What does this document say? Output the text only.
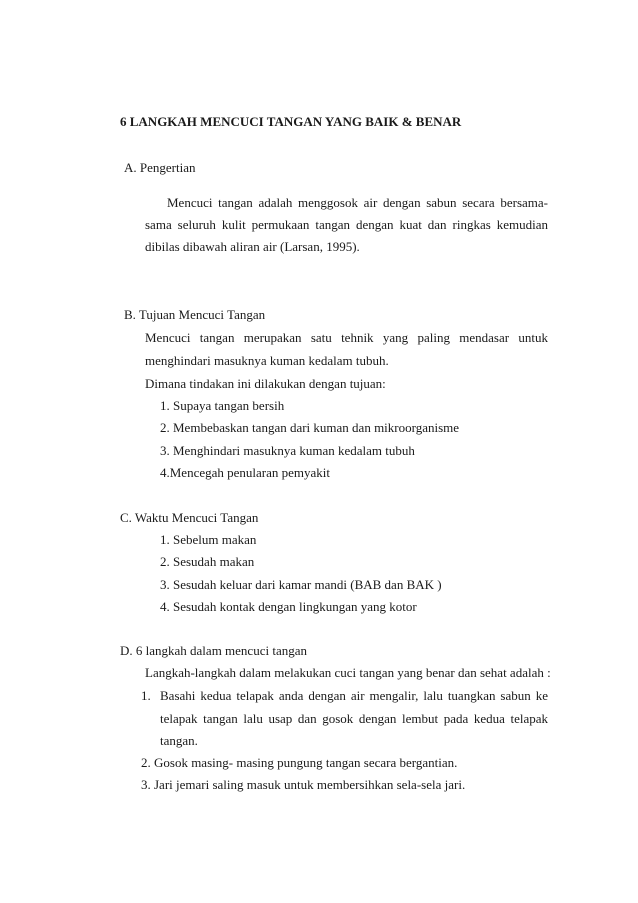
6 LANGKAH MENCUCI TANGAN YANG BAIK & BENAR
A. Pengertian
Mencuci tangan adalah menggosok air dengan sabun secara bersama-
sama seluruh kulit permukaan tangan dengan kuat dan ringkas kemudian
dibilas dibawah aliran air (Larsan, 1995).
B. Tujuan Mencuci Tangan
Mencuci tangan merupakan satu tehnik yang paling mendasar untuk
menghindari masuknya kuman kedalam tubuh.
Dimana tindakan ini dilakukan dengan tujuan:
1. Supaya tangan bersih
2. Membebaskan tangan dari kuman dan mikroorganisme
3. Menghindari masuknya kuman kedalam tubuh
4.Mencegah penularan pemyakit
C. Waktu Mencuci Tangan
1. Sebelum makan
2. Sesudah makan
3. Sesudah keluar dari kamar mandi (BAB dan BAK )
4. Sesudah kontak dengan lingkungan yang kotor
D. 6 langkah dalam mencuci tangan
Langkah-langkah dalam melakukan cuci tangan yang benar dan sehat adalah :
1. Basahi kedua telapak anda dengan air mengalir, lalu tuangkan sabun ke
telapak tangan lalu usap dan gosok dengan lembut pada kedua telapak
tangan.
2. Gosok masing- masing pungung tangan secara bergantian.
3. Jari jemari saling masuk untuk membersihkan sela-sela jari.
